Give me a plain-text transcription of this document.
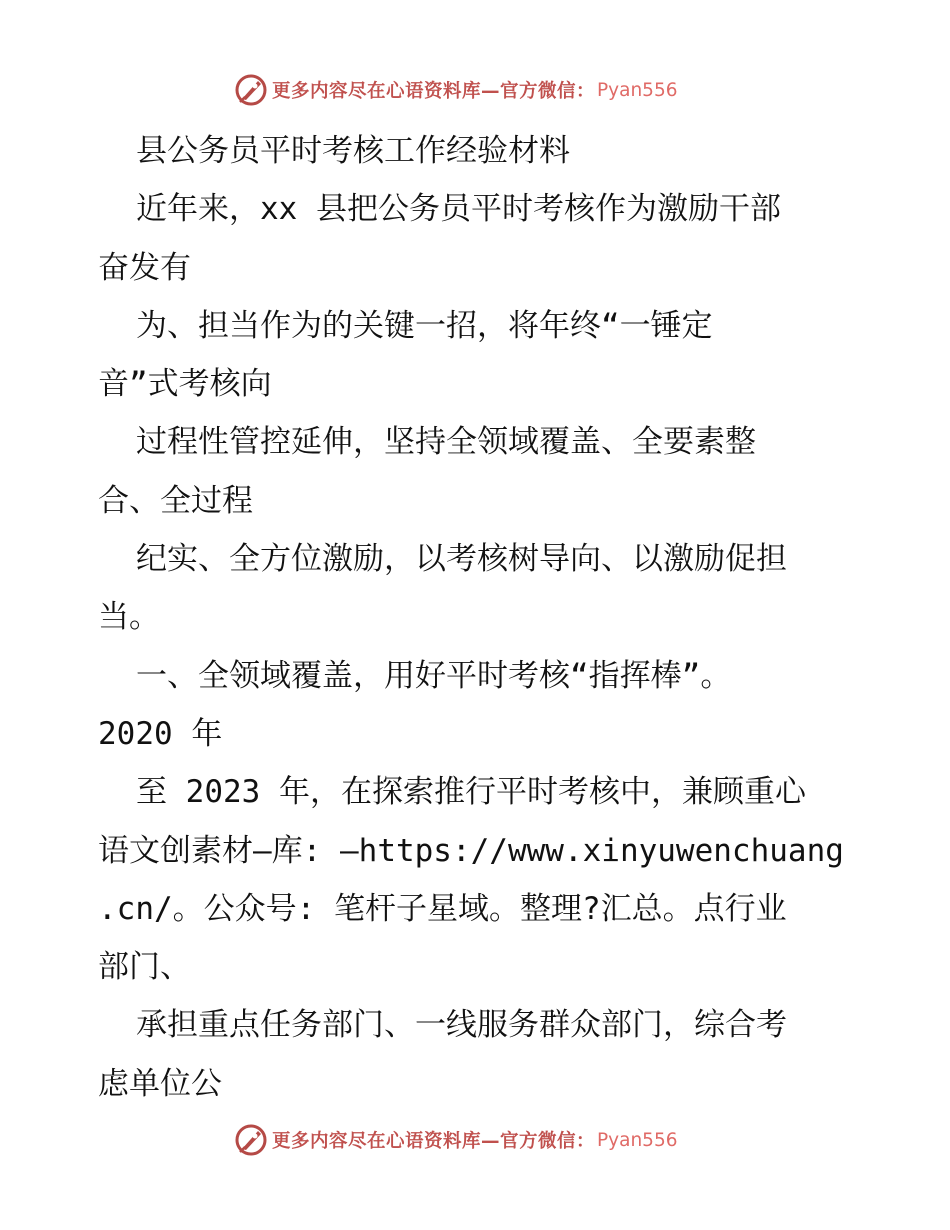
更多内容尽在心语资料库—官方微信： Pyan556
县公务员平时考核工作经验材料
近年来，xx 县把公务员平时考核作为激励干部
奋发有
为、担当作为的关键一招，将年终“一锤定
音”式考核向
过程性管控延伸，坚持全领域覆盖、全要素整
合、全过程
纪实、全方位激励，以考核树导向、以激励促担
当。
一、全领域覆盖，用好平时考核“指挥棒”。
2020 年
至 2023 年，在探索推行平时考核中，兼顾重心
语文创素材—库: —https://www.xinyuwenchuang
.cn/。公众号: 笔杆子星域。整理?汇总。点行业
部门、
承担重点任务部门、一线服务群众部门，综合考
虑单位公
更多内容尽在心语资料库—官方微信： Pyan556
